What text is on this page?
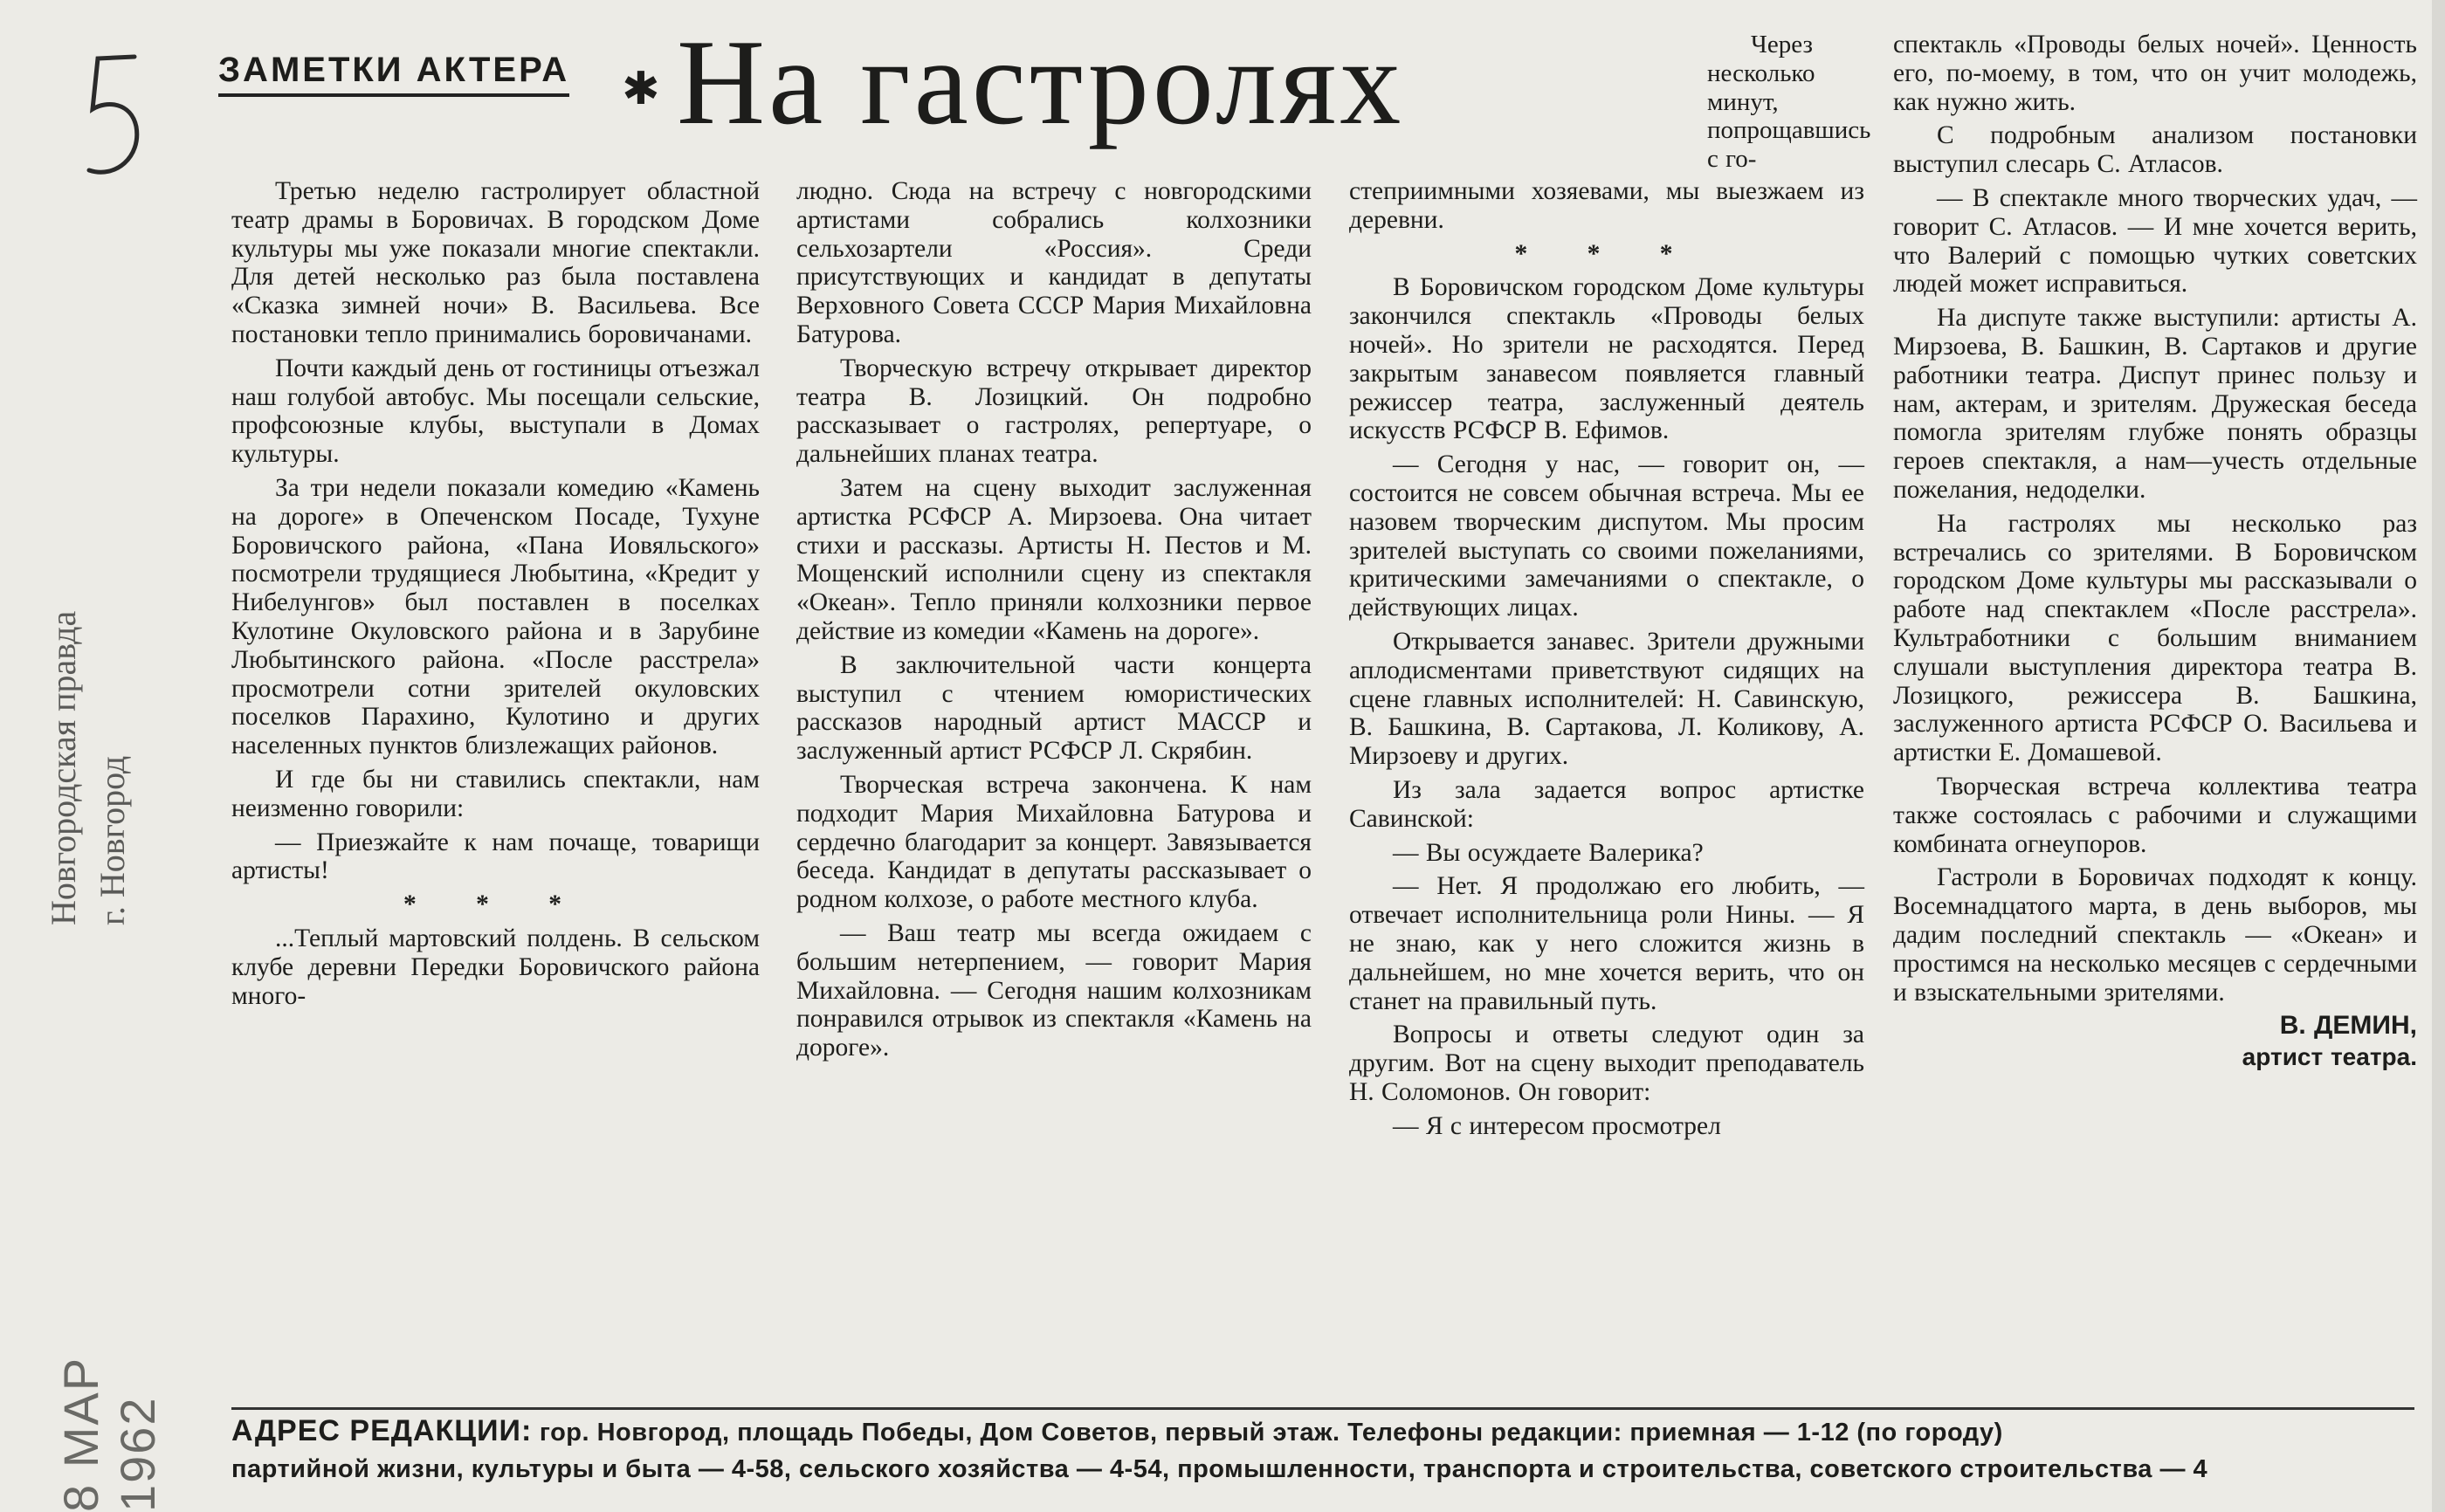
Новгородская правда г. Новгород
8 МАР 1962
ЗАМЕТКИ АКТЕРА ✱ На гастролях

Третью неделю гастролирует областной театр драмы в Боровичах. В городском Доме культуры мы уже показали многие спектакли. Для детей несколько раз была поставлена «Сказка зимней ночи» В. Васильева. Все постановки тепло принимались боровичанами.

Почти каждый день от гостиницы отъезжал наш голубой автобус. Мы посещали сельские, профсоюзные клубы, выступали в Домах культуры.

За три недели показали комедию «Камень на дороге» в Опеченском Посаде, Тухуне Боровичского района, «Пана Иовяльского» посмотрели трудящиеся Любытина, «Кредит у Нибелунгов» был поставлен в поселках Кулотине Окуловского района и в Зарубине Любытинского района. «После расстрела» просмотрели сотни зрителей окуловских поселков Парахино, Кулотино и других населенных пунктов близлежащих районов.

И где бы ни ставились спектакли, нам неизменно говорили:

— Приезжайте к нам почаще, товарищи артисты!

* * *

...Теплый мартовский полдень. В сельском клубе деревни Передки Боровичского района много-

людно. Сюда на встречу с новгородскими артистами собрались колхозники сельхозартели «Россия». Среди присутствующих и кандидат в депутаты Верховного Совета СССР Мария Михайловна Батурова.

Творческую встречу открывает директор театра В. Лозицкий. Он подробно рассказывает о гастролях, репертуаре, о дальнейших планах театра.

Затем на сцену выходит заслуженная артистка РСФСР А. Мирзоева. Она читает стихи и рассказы. Артисты Н. Пестов и М. Мощенский исполнили сцену из спектакля «Океан». Тепло приняли колхозники первое действие из комедии «Камень на дороге».

В заключительной части концерта выступил с чтением юмористических рассказов народный артист МАССР и заслуженный артист РСФСР Л. Скрябин.

Творческая встреча закончена. К нам подходит Мария Михайловна Батурова и сердечно благодарит за концерт. Завязывается беседа. Кандидат в депутаты рассказывает о родном колхозе, о работе местного клуба.

— Ваш театр мы всегда ожидаем с большим нетерпением, — говорит Мария Михайловна. — Сегодня нашим колхозникам понравился отрывок из спектакля «Камень на дороге».

Через несколько минут, попрощавшись с го-

степриимными хозяевами, мы выезжаем из деревни.

* * *

В Боровичском городском Доме культуры закончился спектакль «Проводы белых ночей». Но зрители не расходятся. Перед закрытым занавесом появляется главный режиссер театра, заслуженный деятель искусств РСФСР В. Ефимов.

— Сегодня у нас, — говорит он, — состоится не совсем обычная встреча. Мы ее назовем творческим диспутом. Мы просим зрителей выступать со своими пожеланиями, критическими замечаниями о спектакле, о действующих лицах.

Открывается занавес. Зрители дружными аплодисментами приветствуют сидящих на сцене главных исполнителей: Н. Савинскую, В. Башкина, В. Сартакова, Л. Коликову, А. Мирзоеву и других.

Из зала задается вопрос артистке Савинской:

— Вы осуждаете Валерика?

— Нет. Я продолжаю его любить, — отвечает исполнительница роли Нины. — Я не знаю, как у него сложится жизнь в дальнейшем, но мне хочется верить, что он станет на правильный путь.

Вопросы и ответы следуют один за другим. Вот на сцену выходит преподаватель Н. Соломонов. Он говорит:

— Я с интересом просмотрел

спектакль «Проводы белых ночей». Ценность его, по-моему, в том, что он учит молодежь, как нужно жить.

С подробным анализом постановки выступил слесарь С. Атласов.

— В спектакле много творческих удач, — говорит С. Атласов. — И мне хочется верить, что Валерий с помощью чутких советских людей может исправиться.

На диспуте также выступили: артисты А. Мирзоева, В. Башкин, В. Сартаков и другие работники театра. Диспут принес пользу и нам, актерам, и зрителям. Дружеская беседа помогла зрителям глубже понять образцы героев спектакля, а нам—учесть отдельные пожелания, недоделки.

На гастролях мы несколько раз встречались со зрителями. В Боровичском городском Доме культуры мы рассказывали о работе над спектаклем «После расстрела». Культработники с большим вниманием слушали выступления директора театра В. Лозицкого, режиссера В. Башкина, заслуженного артиста РСФСР О. Васильева и артистки Е. Домашевой.

Творческая встреча коллектива театра также состоялась с рабочими и служащими комбината огнеупоров.

Гастроли в Боровичах подходят к концу. Восемнадцатого марта, в день выборов, мы дадим последний спектакль — «Океан» и простимся на несколько месяцев с сердечными и взыскательными зрителями.

В. ДЕМИН,
артист театра.
АДРЕС РЕДАКЦИИ: гор. Новгород, площадь Победы, Дом Советов, первый этаж. Телефоны редакции: приемная — 1-12 (по городу)
партийной жизни, культуры и быта — 4-58, сельского хозяйства — 4-54, промышленности, транспорта и строительства, советского строительства — 4
